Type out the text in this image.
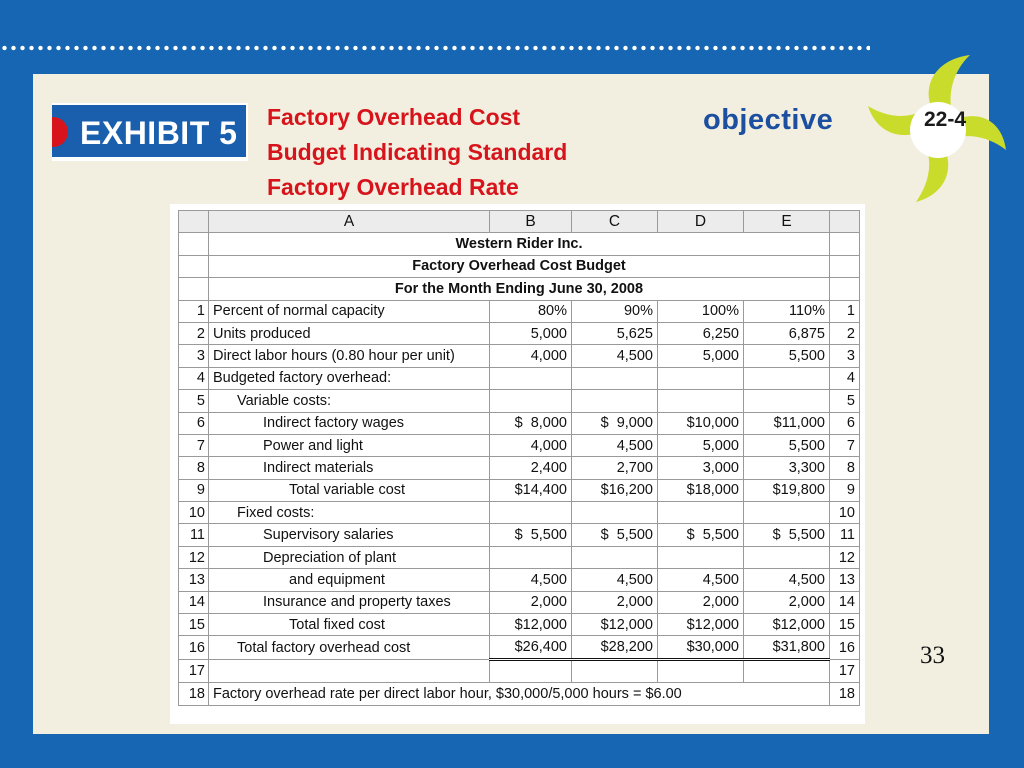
EXHIBIT 5 Factory Overhead Cost
Budget Indicating Standard
Factory Overhead Rate
objective	22-4
	A	B	C	D	E	
	Western Rider Inc.					
	Factory Overhead Cost Budget					
	For the Month Ending June 30, 2008					
1	Percent of normal capacity	80%	90%	100%	110%	1
2	Units produced	5,000	5,625	6,250	6,875	2
3	Direct labor hours (0.80 hour per unit)	4,000	4,500	5,000	5,500	3
4	Budgeted factory overhead:					4
5	Variable costs:					5
6	Indirect factory wages	$  8,000	$  9,000	$10,000	$11,000	6
7	Power and light	4,000	4,500	5,000	5,500	7
8	Indirect materials	2,400	2,700	3,000	3,300	8
9	Total variable cost	$14,400	$16,200	$18,000	$19,800	9
10	Fixed costs:					10
11	Supervisory salaries	$  5,500	$  5,500	$  5,500	$  5,500	11
12	Depreciation of plant					12
13	and equipment	4,500	4,500	4,500	4,500	13
14	Insurance and property taxes	2,000	2,000	2,000	2,000	14
15	Total fixed cost	$12,000	$12,000	$12,000	$12,000	15
16	Total factory overhead cost	$26,400	$28,200	$30,000	$31,800	16
17						17
18	Factory overhead rate per direct labor hour, $30,000/5,000 hours = $6.00					18
33
